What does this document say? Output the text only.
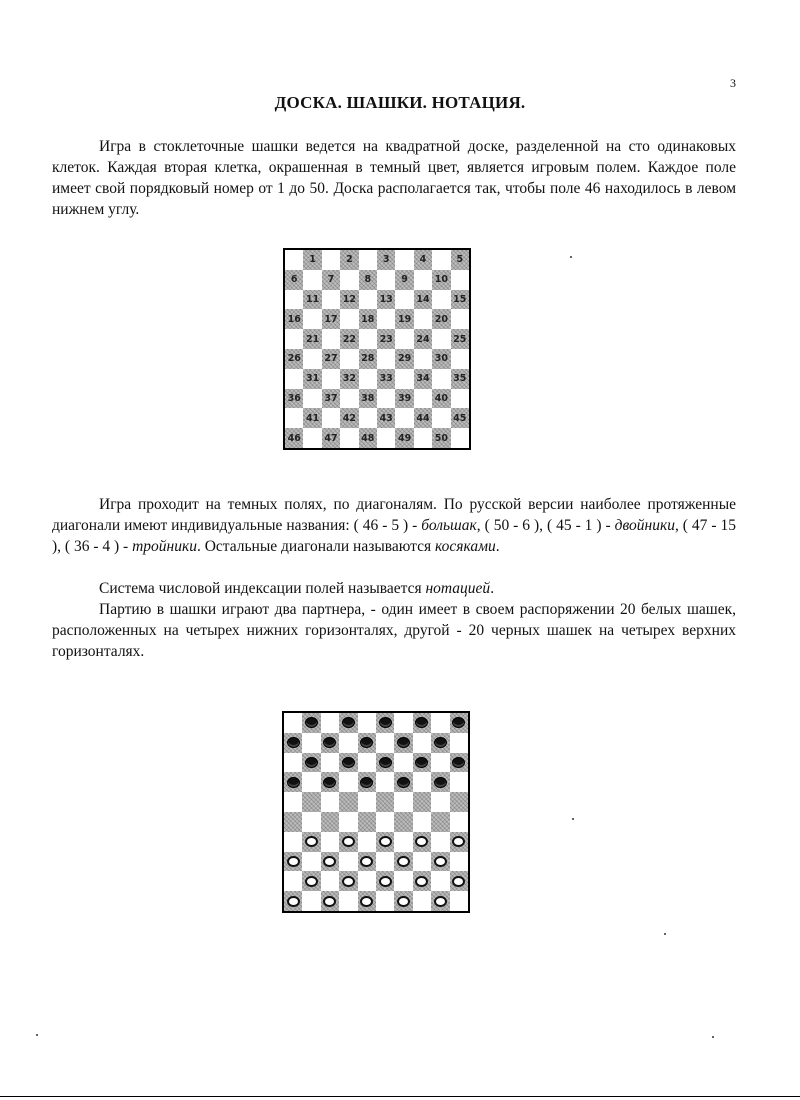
3
ДОСКА. ШАШКИ. НОТАЦИЯ.
Игра в стоклеточные шашки ведется на квадратной доске, разделенной на сто одинаковых клеток. Каждая вторая клетка, окрашенная в темный цвет, является игровым полем. Каждое поле имеет свой порядковый номер от 1 до 50. Доска располагается так, чтобы поле 46 находилось в левом нижнем углу.
1	2	3	4	5
6	7	8	9	10
11 12 13 14 15
16 17 18 19 20
21 22 23 24 25
26 27 28 29 30
31 32 33 34 35
36 37 38 39 40
41 42 43 44 45
46 47 48 49 50
Игра проходит на темных полях, по диагоналям. По русской версии наиболее протяженные диагонали имеют индивидуальные названия: ( 46 - 5 ) - большак, ( 50 - 6 ), ( 45 - 1 ) - двойники, ( 47 - 15 ), ( 36 - 4 ) - тройники. Остальные диагонали называются косяками.
Система числовой индексации полей называется нотацией.
Партию в шашки играют два партнера, - один имеет в своем распоряжении 20 белых шашек, расположенных на четырех нижних горизонталях, другой - 20 черных шашек на четырех верхних горизонталях.
